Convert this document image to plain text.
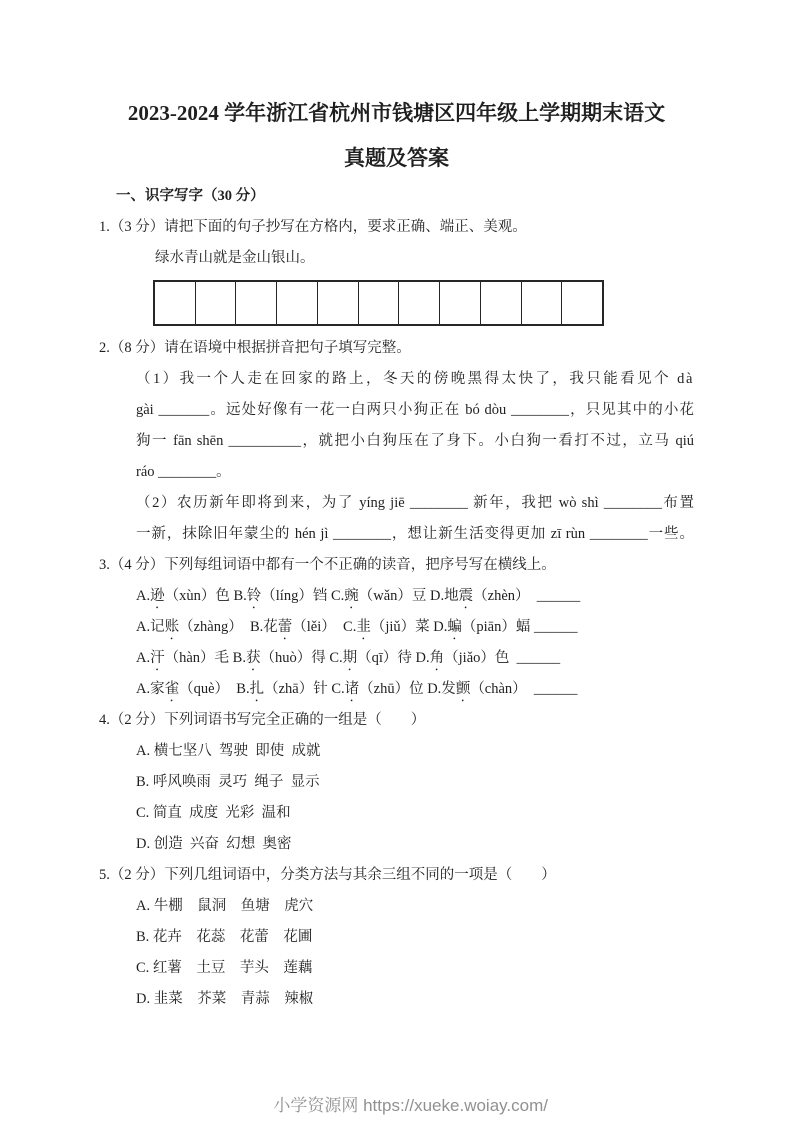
2023-2024 学年浙江省杭州市钱塘区四年级上学期期末语文
真题及答案
一、识字写字（30 分）
1.（3 分）请把下面的句子抄写在方格内，要求正确、端正、美观。
绿水青山就是金山银山。
2.（8 分）请在语境中根据拼音把句子填写完整。
（1）我一个人走在回家的路上，冬天的傍晚黑得太快了，我只能看见个 dà
gài _______。远处好像有一花一白两只小狗正在 bó dòu ________，只见其中的小花
狗一 fān shēn __________，就把小白狗压在了身下。小白狗一看打不过，立马 qiú
ráo ________。
（2）农历新年即将到来，为了 yíng jiē ________ 新年，我把 wò shì ________布置
一新，抹除旧年蒙尘的 hén jì ________，想让新生活变得更加 zī rùn ________一些。
3.（4 分）下列每组词语中都有一个不正确的读音，把序号写在横线上。
A.逊（xùn）色 B.铃（líng）铛 C.豌（wǎn）豆 D.地震（zhèn）  ______
A.记账（zhàng）  B.花蕾（lěi）  C.韭（jiǔ）菜 D.蝙（piān）蝠 ______
A.汗（hàn）毛 B.获（huò）得 C.期（qī）待 D.角（jiǎo）色  ______
A.家雀（què）  B.扎（zhā）针 C.诸（zhū）位 D.发颤（chàn）  ______
4.（2 分）下列词语书写完全正确的一组是（　　）
A. 横七坚八  驾驶  即使  成就
B. 呼风唤雨  灵巧  绳子  显示
C. 简直  成度  光彩  温和
D. 创造  兴奋  幻想  奥密
5.（2 分）下列几组词语中，分类方法与其余三组不同的一项是（　　）
A. 牛棚　鼠洞　鱼塘　虎穴
B. 花卉　花蕊　花蕾　花圃
C. 红薯　土豆　芋头　莲藕
D. 韭菜　芥菜　青蒜　辣椒

小学资源网 https://xueke.woiay.com/
